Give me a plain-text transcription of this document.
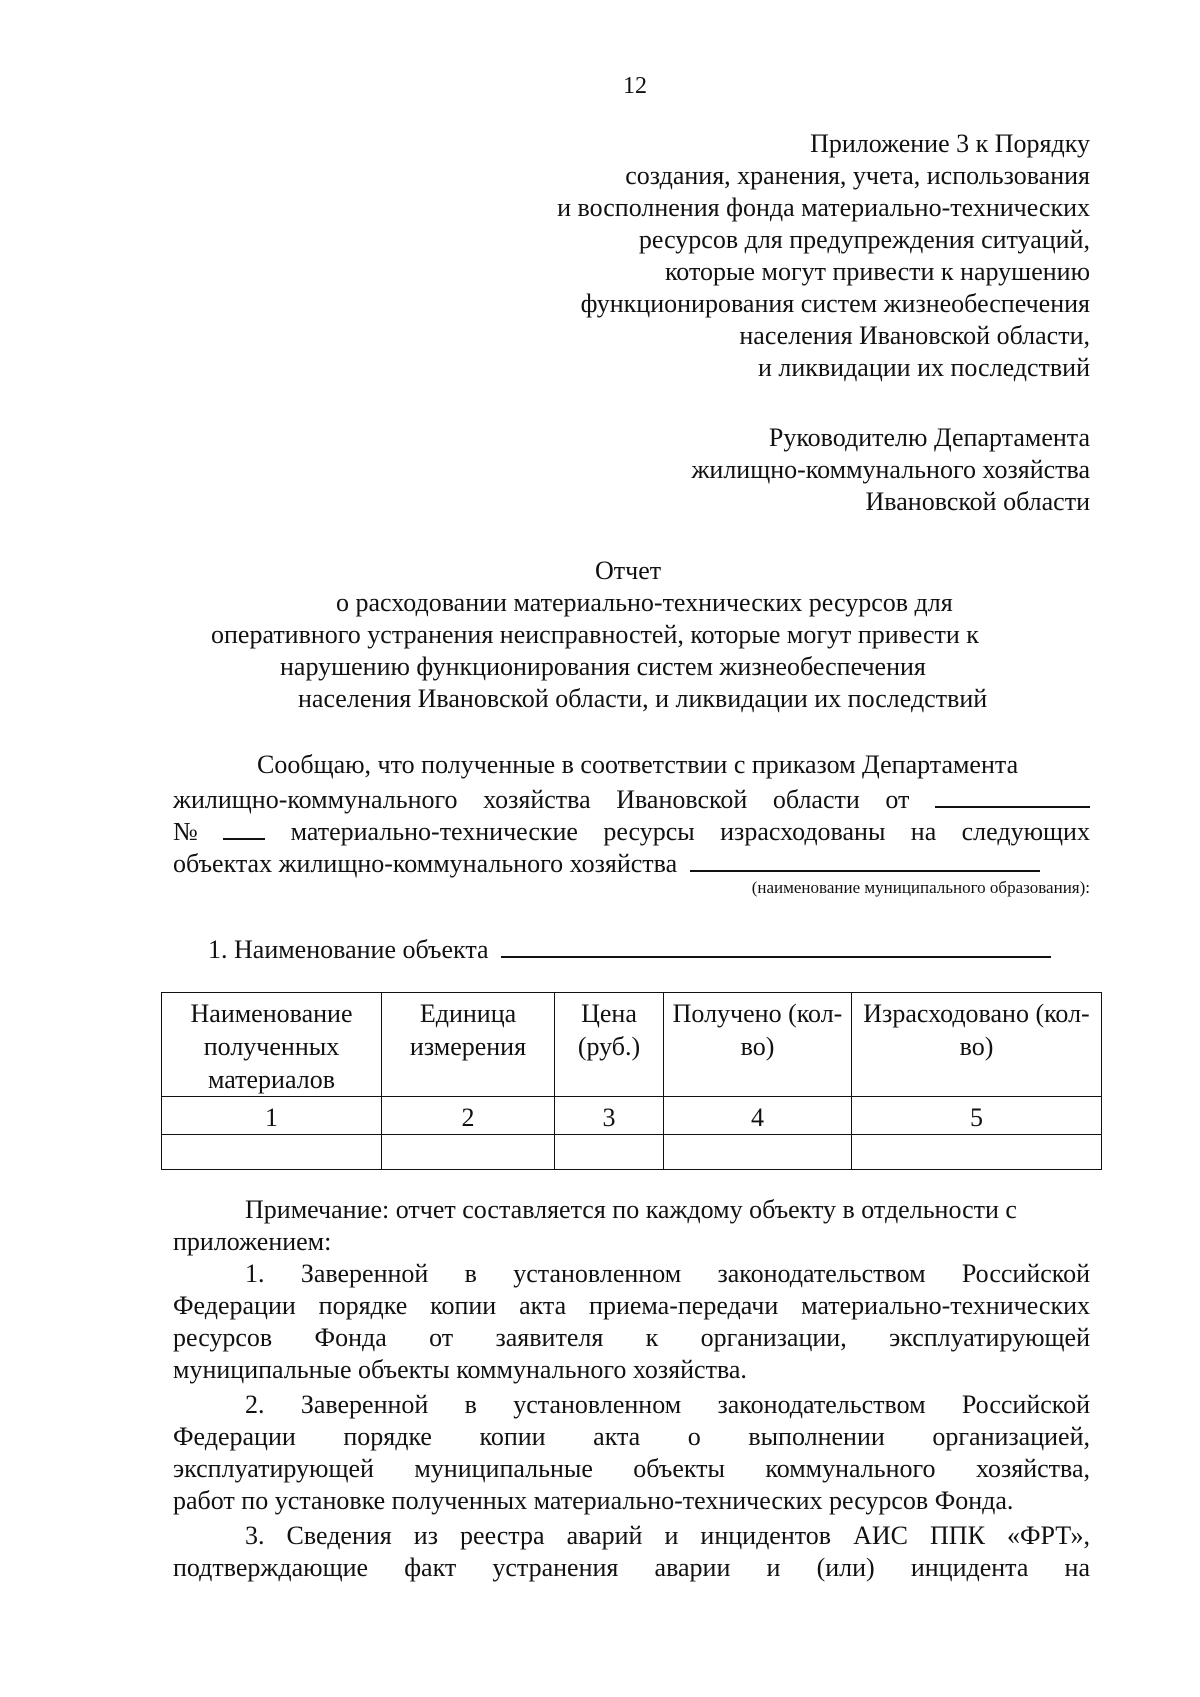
12
Приложение 3 к Порядку
создания, хранения, учета, использования
и восполнения фонда материально-технических
ресурсов для предупреждения ситуаций,
которые могут привести к нарушению
функционирования систем жизнеобеспечения
населения Ивановской области,
и ликвидации их последствий
Руководителю Департамента
жилищно-коммунального хозяйства
Ивановской области
Отчет
о расходовании материально-технических ресурсов для
оперативного устранения неисправностей, которые могут привести к
нарушению функционирования систем жизнеобеспечения
населения Ивановской области, и ликвидации их последствий
Сообщаю, что полученные в соответствии с приказом Департамента
жилищно-коммунального хозяйства Ивановской области от
№	материально-технические ресурсы израсходованы на следующих
объектах жилищно-коммунального хозяйства
(наименование муниципального образования):
1. Наименование объекта
Наименование полученных материалов	Единица измерения	Цена (руб.)	Получено (кол-во)	Израсходовано (кол-во)
1	2	3	4	5

Примечание: отчет составляется по каждому объекту в отдельности с
приложением:
1. Заверенной в установленном законодательством Российской
Федерации порядке копии акта приема-передачи материально-технических
ресурсов Фонда от заявителя к организации, эксплуатирующей
муниципальные объекты коммунального хозяйства.
2. Заверенной в установленном законодательством Российской
Федерации порядке копии акта о выполнении организацией,
эксплуатирующей муниципальные объекты коммунального хозяйства,
работ по установке полученных материально-технических ресурсов Фонда.
3. Сведения из реестра аварий и инцидентов АИС ППК «ФРТ»,
подтверждающие факт устранения аварии и (или) инцидента на
